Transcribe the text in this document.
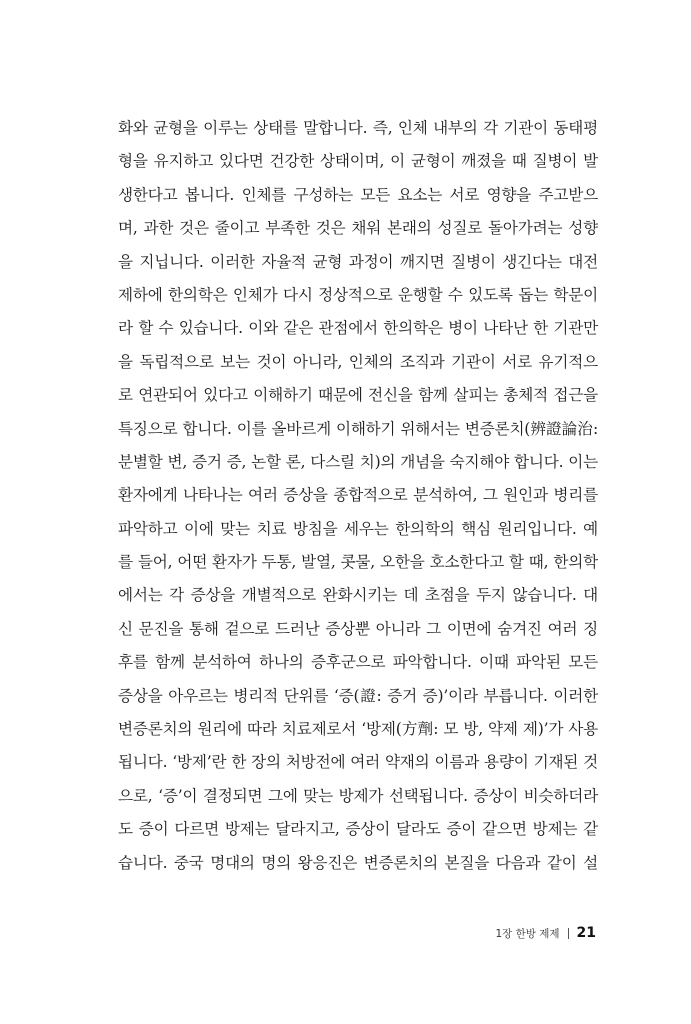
화와 균형을 이루는 상태를 말합니다. 즉, 인체 내부의 각 기관이 동태평
형을 유지하고 있다면 건강한 상태이며, 이 균형이 깨졌을 때 질병이 발
생한다고 봅니다. 인체를 구성하는 모든 요소는 서로 영향을 주고받으
며, 과한 것은 줄이고 부족한 것은 채워 본래의 성질로 돌아가려는 성향
을 지닙니다. 이러한 자율적 균형 과정이 깨지면 질병이 생긴다는 대전
제하에 한의학은 인체가 다시 정상적으로 운행할 수 있도록 돕는 학문이
라 할 수 있습니다. 이와 같은 관점에서 한의학은 병이 나타난 한 기관만
을 독립적으로 보는 것이 아니라, 인체의 조직과 기관이 서로 유기적으
로 연관되어 있다고 이해하기 때문에 전신을 함께 살피는 총체적 접근을
특징으로 합니다. 이를 올바르게 이해하기 위해서는 변증론치(辨證論治:
분별할 변, 증거 증, 논할 론, 다스릴 치)의 개념을 숙지해야 합니다. 이는
환자에게 나타나는 여러 증상을 종합적으로 분석하여, 그 원인과 병리를
파악하고 이에 맞는 치료 방침을 세우는 한의학의 핵심 원리입니다. 예
를 들어, 어떤 환자가 두통, 발열, 콧물, 오한을 호소한다고 할 때, 한의학
에서는 각 증상을 개별적으로 완화시키는 데 초점을 두지 않습니다. 대
신 문진을 통해 겉으로 드러난 증상뿐 아니라 그 이면에 숨겨진 여러 징
후를 함께 분석하여 하나의 증후군으로 파악합니다. 이때 파악된 모든
증상을 아우르는 병리적 단위를 ‘증(證: 증거 증)’이라 부릅니다. 이러한
변증론치의 원리에 따라 치료제로서 ‘방제(方劑: 모 방, 약제 제)’가 사용
됩니다. ‘방제’란 한 장의 처방전에 여러 약재의 이름과 용량이 기재된 것
으로, ‘증’이 결정되면 그에 맞는 방제가 선택됩니다. 증상이 비슷하더라
도 증이 다르면 방제는 달라지고, 증상이 달라도 증이 같으면 방제는 같
습니다. 중국 명대의 명의 왕응진은 변증론치의 본질을 다음과 같이 설
1장 한방 제제 21
